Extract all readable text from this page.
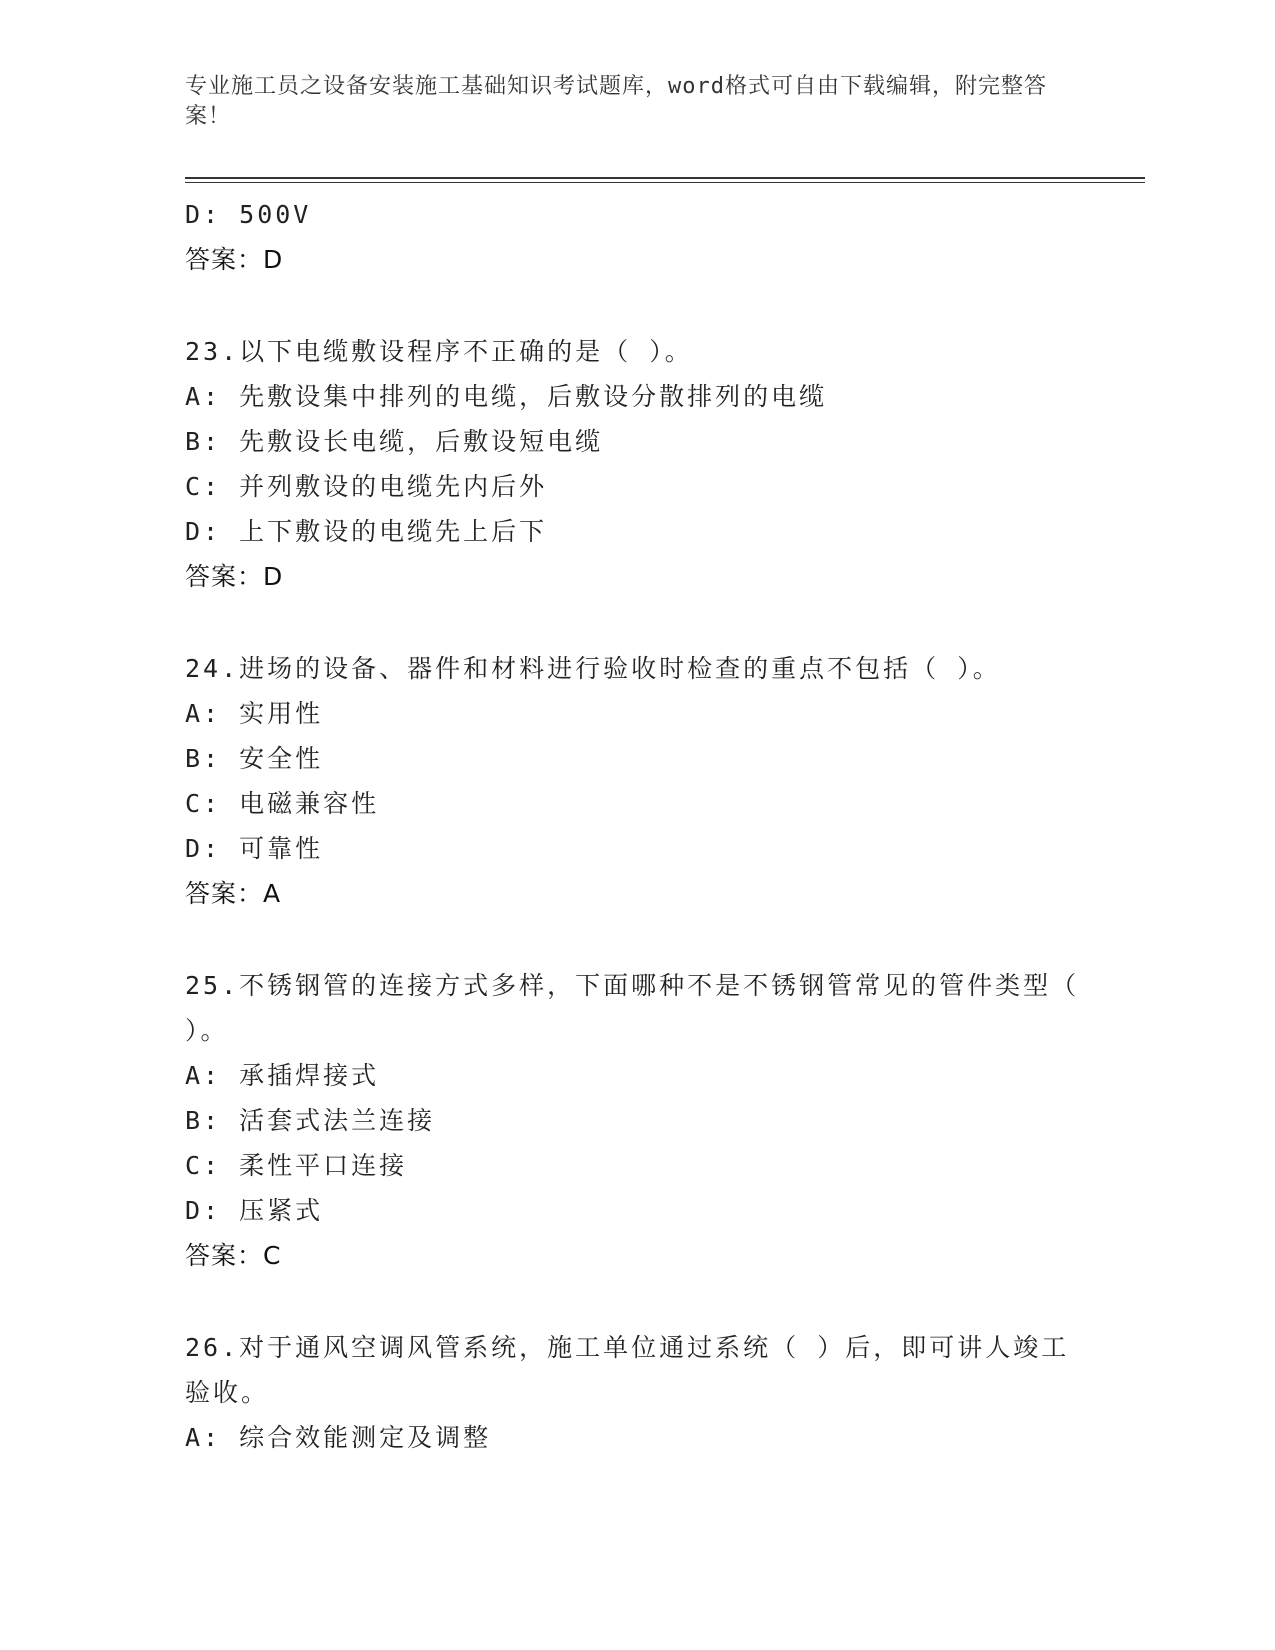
专业施工员之设备安装施工基础知识考试题库，word格式可自由下载编辑，附完整答案！
D: 500V
答案：D
23.以下电缆敷设程序不正确的是（ ）。
A: 先敷设集中排列的电缆，后敷设分散排列的电缆
B: 先敷设长电缆，后敷设短电缆
C: 并列敷设的电缆先内后外
D: 上下敷设的电缆先上后下
答案：D
24.进场的设备、器件和材料进行验收时检查的重点不包括（ ）。
A: 实用性
B: 安全性
C: 电磁兼容性
D: 可靠性
答案：A
25.不锈钢管的连接方式多样，下面哪种不是不锈钢管常见的管件类型（ ）。
A: 承插焊接式
B: 活套式法兰连接
C: 柔性平口连接
D: 压紧式
答案：C
26.对于通风空调风管系统，施工单位通过系统（ ）后，即可讲人竣工验收。
A: 综合效能测定及调整
